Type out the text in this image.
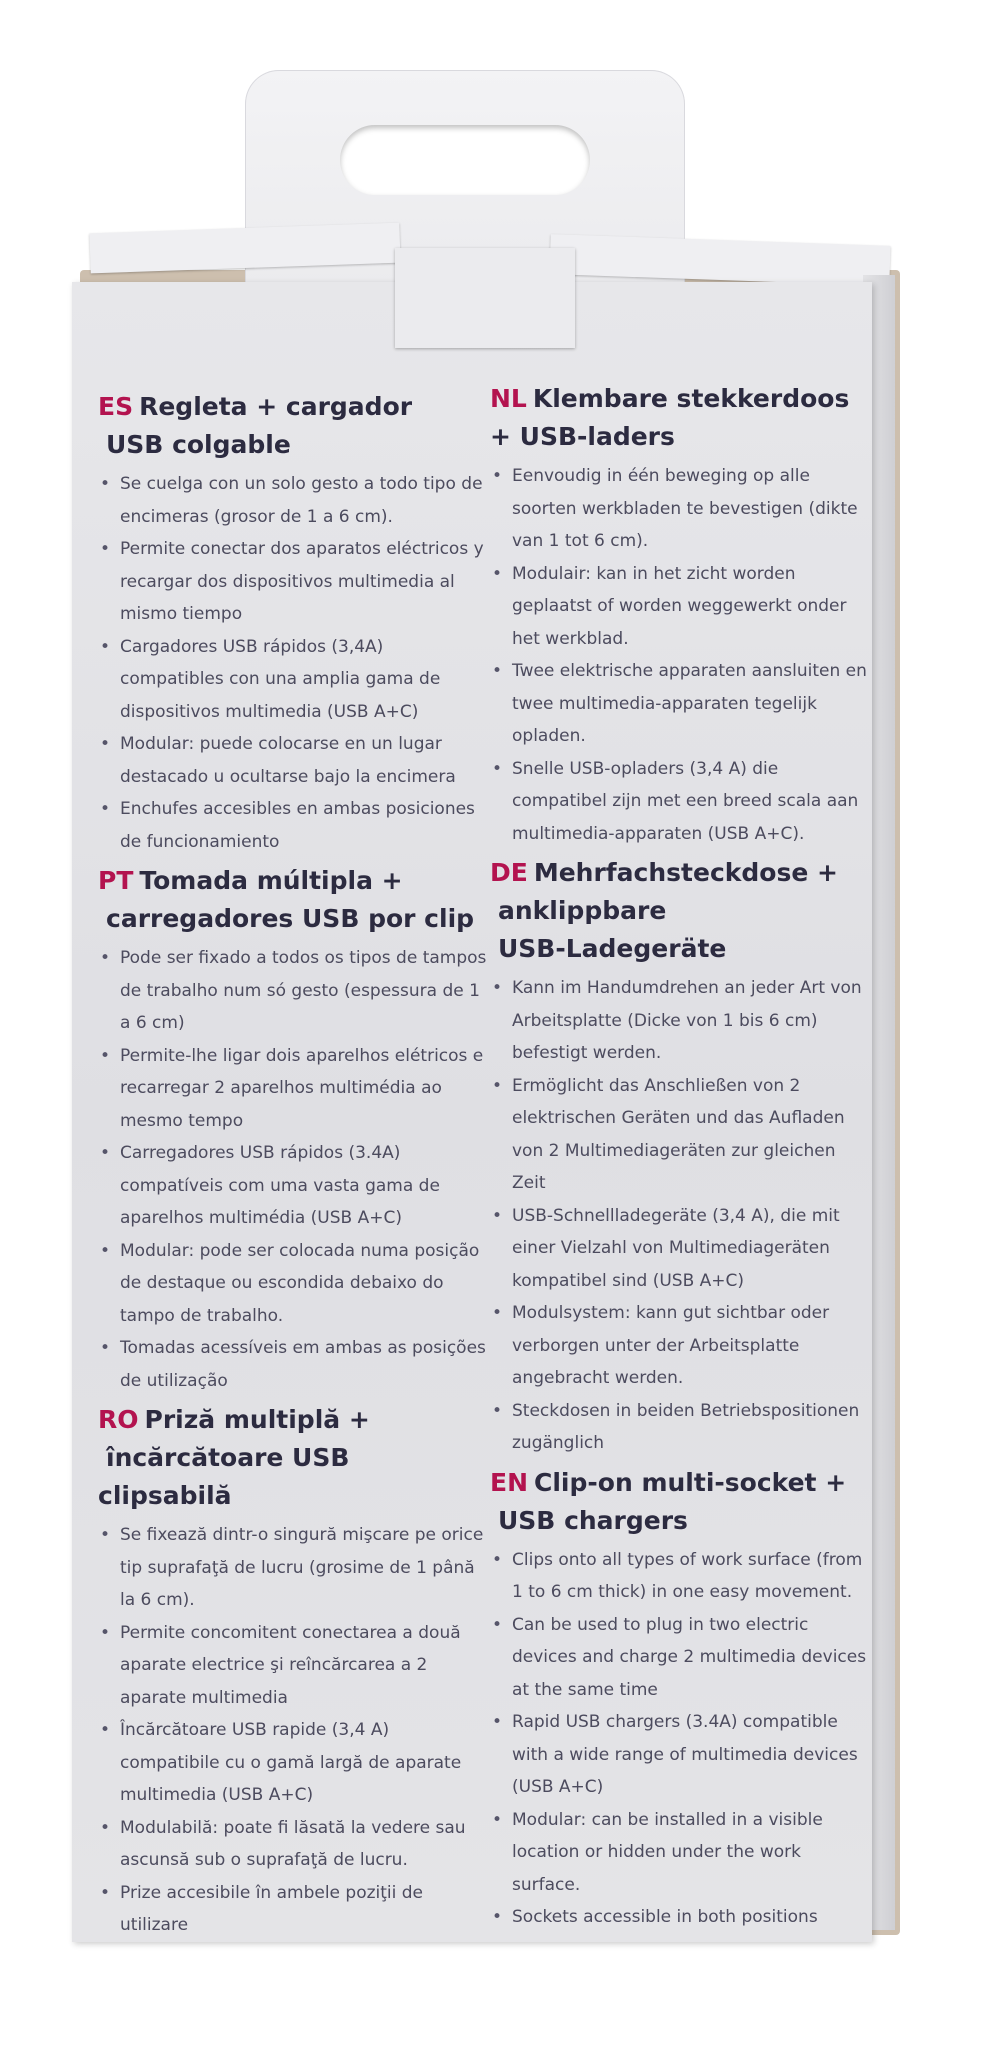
ES Regleta + cargador
USB colgable
• Se cuelga con un solo gesto a todo tipo de encimeras (grosor de 1 a 6 cm).
• Permite conectar dos aparatos eléctricos y recargar dos dispositivos multimedia al mismo tiempo
• Cargadores USB rápidos (3,4A) compatibles con una amplia gama de dispositivos multimedia (USB A+C)
• Modular: puede colocarse en un lugar destacado u ocultarse bajo la encimera
• Enchufes accesibles en ambas posiciones de funcionamiento
PT Tomada múltipla +
carregadores USB por clip
• Pode ser fixado a todos os tipos de tampos de trabalho num só gesto (espessura de 1 a 6 cm)
• Permite-lhe ligar dois aparelhos elétricos e recarregar 2 aparelhos multimédia ao mesmo tempo
• Carregadores USB rápidos (3.4A) compatíveis com uma vasta gama de aparelhos multimédia (USB A+C)
• Modular: pode ser colocada numa posição de destaque ou escondida debaixo do tampo de trabalho.
• Tomadas acessíveis em ambas as posições de utilização
RO Priză multiplă +
încărcătoare USB clipsabilă
• Se fixează dintr-o singură mişcare pe orice tip suprafaţă de lucru (grosime de 1 până la 6 cm).
• Permite concomitent conectarea a două aparate electrice şi reîncărcarea a 2 aparate multimedia
• Încărcătoare USB rapide (3,4 A) compatibile cu o gamă largă de aparate multimedia (USB A+C)
• Modulabilă: poate fi lăsată la vedere sau ascunsă sub o suprafaţă de lucru.
• Prize accesibile în ambele poziţii de utilizare
NL Klembare stekkerdoos
+ USB-laders
• Eenvoudig in één beweging op alle soorten werkbladen te bevestigen (dikte van 1 tot 6 cm).
• Modulair: kan in het zicht worden geplaatst of worden weggewerkt onder het werkblad.
• Twee elektrische apparaten aansluiten en twee multimedia-apparaten tegelijk opladen.
• Snelle USB-opladers (3,4 A) die compatibel zijn met een breed scala aan multimedia-apparaten (USB A+C).
DE Mehrfachsteckdose +
anklippbare
USB-Ladegeräte
• Kann im Handumdrehen an jeder Art von Arbeitsplatte (Dicke von 1 bis 6 cm) befestigt werden.
• Ermöglicht das Anschließen von 2 elektrischen Geräten und das Aufladen von 2 Multimediageräten zur gleichen Zeit
• USB-Schnellladegeräte (3,4 A), die mit einer Vielzahl von Multimediageräten kompatibel sind (USB A+C)
• Modulsystem: kann gut sichtbar oder verborgen unter der Arbeitsplatte angebracht werden.
• Steckdosen in beiden Betriebspositionen zugänglich
EN Clip-on multi-socket +
USB chargers
• Clips onto all types of work surface (from 1 to 6 cm thick) in one easy movement.
• Can be used to plug in two electric devices and charge 2 multimedia devices at the same time
• Rapid USB chargers (3.4A) compatible with a wide range of multimedia devices (USB A+C)
• Modular: can be installed in a visible location or hidden under the work surface.
• Sockets accessible in both positions
